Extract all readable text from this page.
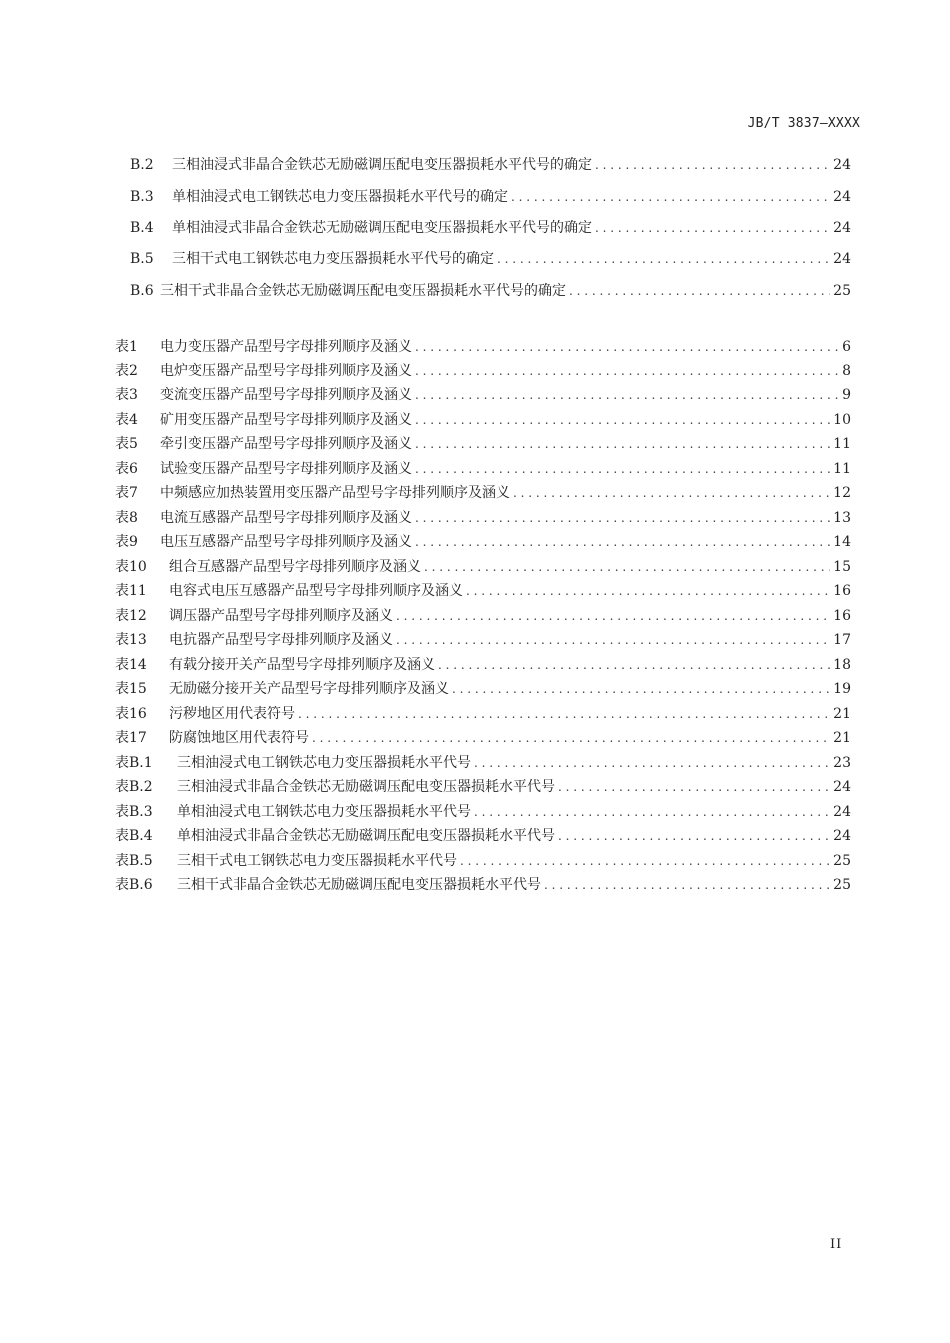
JB/T 3837—XXXX
B.2	三相油浸式非晶合金铁芯无励磁调压配电变压器损耗水平代号的确定 . . .	24
B.3	单相油浸式电工钢铁芯电力变压器损耗水平代号的确定 . . .	24
B.4	单相油浸式非晶合金铁芯无励磁调压配电变压器损耗水平代号的确定 . . .	24
B.5	三相干式电工钢铁芯电力变压器损耗水平代号的确定 . . .	24
B.6 三相干式非晶合金铁芯无励磁调压配电变压器损耗水平代号的确定 . . .	25
表1	电力变压器产品型号字母排列顺序及涵义 . . .	6
表2	电炉变压器产品型号字母排列顺序及涵义 . . .	8
表3	变流变压器产品型号字母排列顺序及涵义 . . .	9
表4	矿用变压器产品型号字母排列顺序及涵义 . . .	10
表5	牵引变压器产品型号字母排列顺序及涵义 . . .	11
表6	试验变压器产品型号字母排列顺序及涵义 . . .	11
表7	中频感应加热装置用变压器产品型号字母排列顺序及涵义 . . .	12
表8	电流互感器产品型号字母排列顺序及涵义 . . .	13
表9	电压互感器产品型号字母排列顺序及涵义 . . .	14
表10	组合互感器产品型号字母排列顺序及涵义 . . .	15
表11	电容式电压互感器产品型号字母排列顺序及涵义 . . .	16
表12	调压器产品型号字母排列顺序及涵义 . . .	16
表13	电抗器产品型号字母排列顺序及涵义 . . .	17
表14	有载分接开关产品型号字母排列顺序及涵义 . . .	18
表15	无励磁分接开关产品型号字母排列顺序及涵义 . . .	19
表16	污秽地区用代表符号 . . .	21
表17	防腐蚀地区用代表符号 . . .	21
表B.1	三相油浸式电工钢铁芯电力变压器损耗水平代号 . . .	23
表B.2	三相油浸式非晶合金铁芯无励磁调压配电变压器损耗水平代号 . . .	24
表B.3	单相油浸式电工钢铁芯电力变压器损耗水平代号 . . .	24
表B.4	单相油浸式非晶合金铁芯无励磁调压配电变压器损耗水平代号 . . .	24
表B.5	三相干式电工钢铁芯电力变压器损耗水平代号 . . .	25
表B.6	三相干式非晶合金铁芯无励磁调压配电变压器损耗水平代号 . . .	25
II
